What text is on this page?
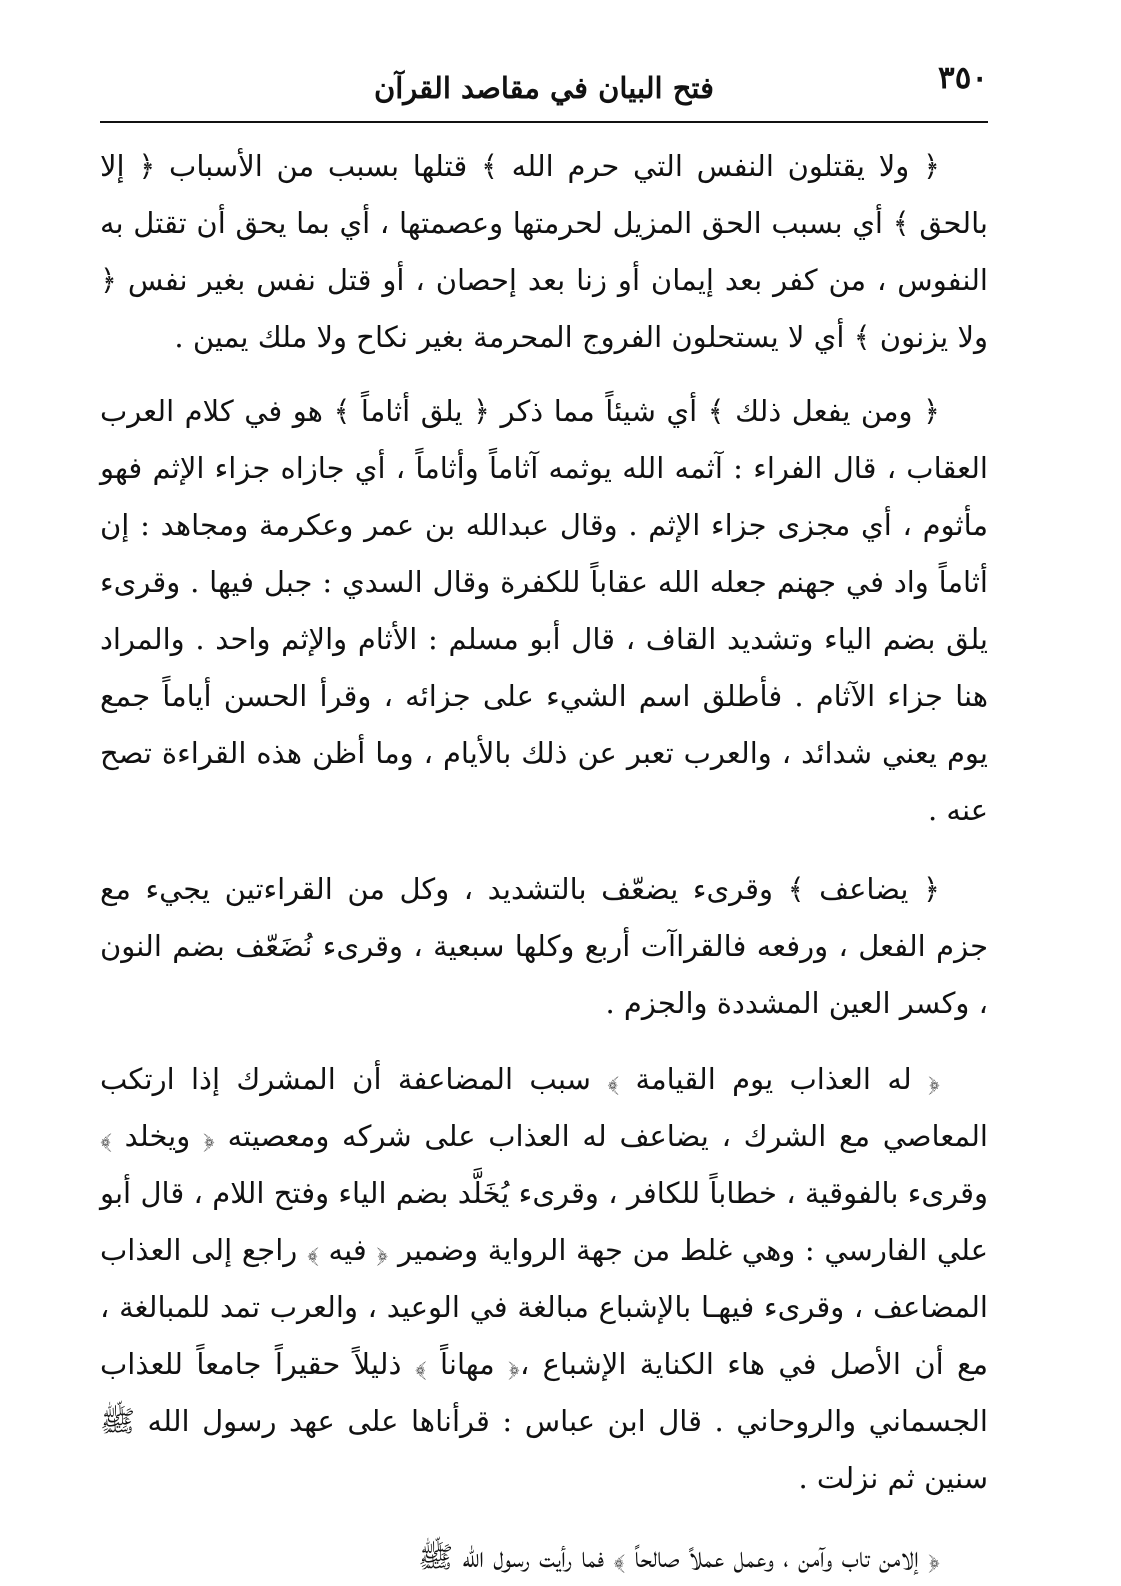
٣٥٠
فتح البيان في مقاصد القرآن

﴿ ولا يقتلون النفس التي حرم الله ﴾ قتلها بسبب من الأسباب ﴿ إلا بالحق ﴾ أي بسبب الحق المزيل لحرمتها وعصمتها ، أي بما يحق أن تقتل به النفوس ، من كفر بعد إيمان أو زنا بعد إحصان ، أو قتل نفس بغير نفس ﴿ ولا يزنون ﴾ أي لا يستحلون الفروج المحرمة بغير نكاح ولا ملك يمين .

﴿ ومن يفعل ذلك ﴾ أي شيئاً مما ذكر ﴿ يلق أثاماً ﴾ هو في كلام العرب العقاب ، قال الفراء : آثمه الله يوثمه آثاماً وأثاماً ، أي جازاه جزاء الإثم فهو مأثوم ، أي مجزى جزاء الإثم . وقال عبدالله بن عمر وعكرمة ومجاهد : إن أثاماً واد في جهنم جعله الله عقاباً للكفرة وقال السدي : جبل فيها . وقرىء يلق بضم الياء وتشديد القاف ، قال أبو مسلم : الأثام والإثم واحد . والمراد هنا جزاء الآثام . فأطلق اسم الشيء على جزائه ، وقرأ الحسن أياماً جمع يوم يعني شدائد ، والعرب تعبر عن ذلك بالأيام ، وما أظن هذه القراءة تصح عنه .

﴿ يضاعف ﴾ وقرىء يضعّف بالتشديد ، وكل من القراءتين يجيء مع جزم الفعل ، ورفعه فالقراآت أربع وكلها سبعية ، وقرىء نُضَعّف بضم النون ، وكسر العين المشددة والجزم .

﴿ له العذاب يوم القيامة ﴾ سبب المضاعفة أن المشرك إذا ارتكب المعاصي مع الشرك ، يضاعف له العذاب على شركه ومعصيته ﴿ ويخلد ﴾ وقرىء بالفوقية ، خطاباً للكافر ، وقرىء يُخَلَّد بضم الياء وفتح اللام ، قال أبو علي الفارسي : وهي غلط من جهة الرواية وضمير ﴿ فيه ﴾ راجع إلى العذاب المضاعف ، وقرىء فيهـا بالإشباع مبالغة في الوعيد ، والعرب تمد للمبالغة ، مع أن الأصل في هاء الكناية الإشباع ،﴿ مهاناً ﴾ ذليلاً حقيراً جامعاً للعذاب الجسماني والروحاني . قال ابن عباس : قرأناها على عهد رسول الله ﷺ سنين ثم نزلت .

﴿ إلامن تاب وآمن ، وعمل عملاً صالحاً ﴾ فما رأيت رسول الله ﷺ
